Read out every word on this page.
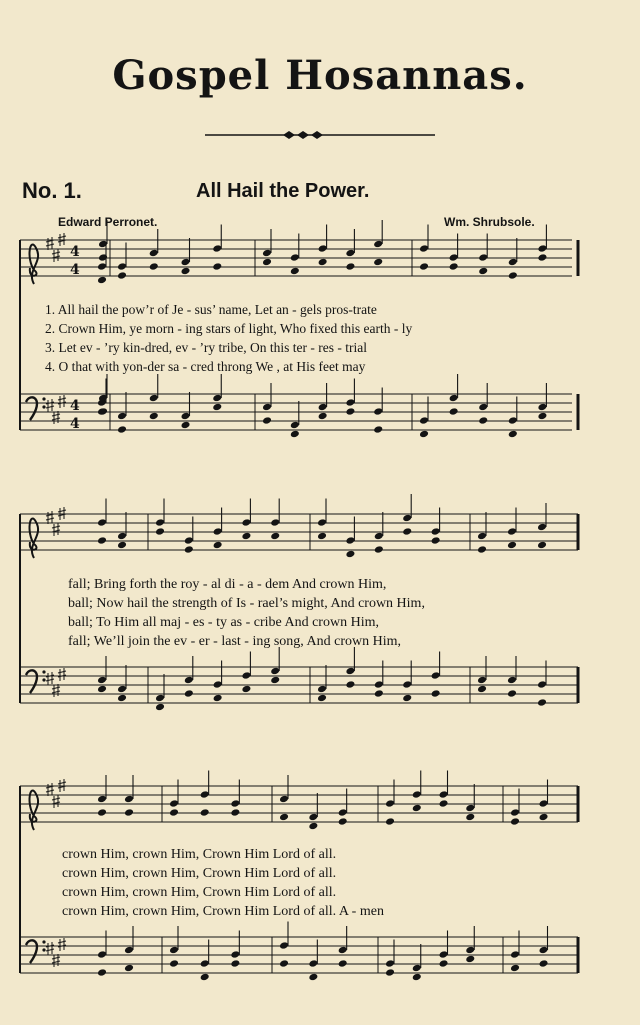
Gospel Hosannas.
No. 1.	All Hail the Power.
Edward Perronet.	Wm. Shrubsole.
4
4
4
4
1. All hail the pow’r of Je - sus’ name, Let an - gels pros-trate
2. Crown Him, ye morn - ing stars of light, Who fixed this earth - ly
3. Let ev - ’ry kin-dred, ev - ’ry tribe, On this ter - res - trial
4. O that with yon-der sa - cred throng We , at His feet may
fall; Bring forth the roy - al di - a - dem And crown Him,
ball; Now hail the strength of Is - rael’s might, And crown Him,
ball; To Him all maj - es - ty as - cribe And crown Him,
fall; We’ll join the ev - er - last - ing song, And crown Him,
crown Him, crown Him, Crown Him Lord of all.
crown Him, crown Him, Crown Him Lord of all.
crown Him, crown Him, Crown Him Lord of all.
crown Him, crown Him, Crown Him Lord of all. A - men
